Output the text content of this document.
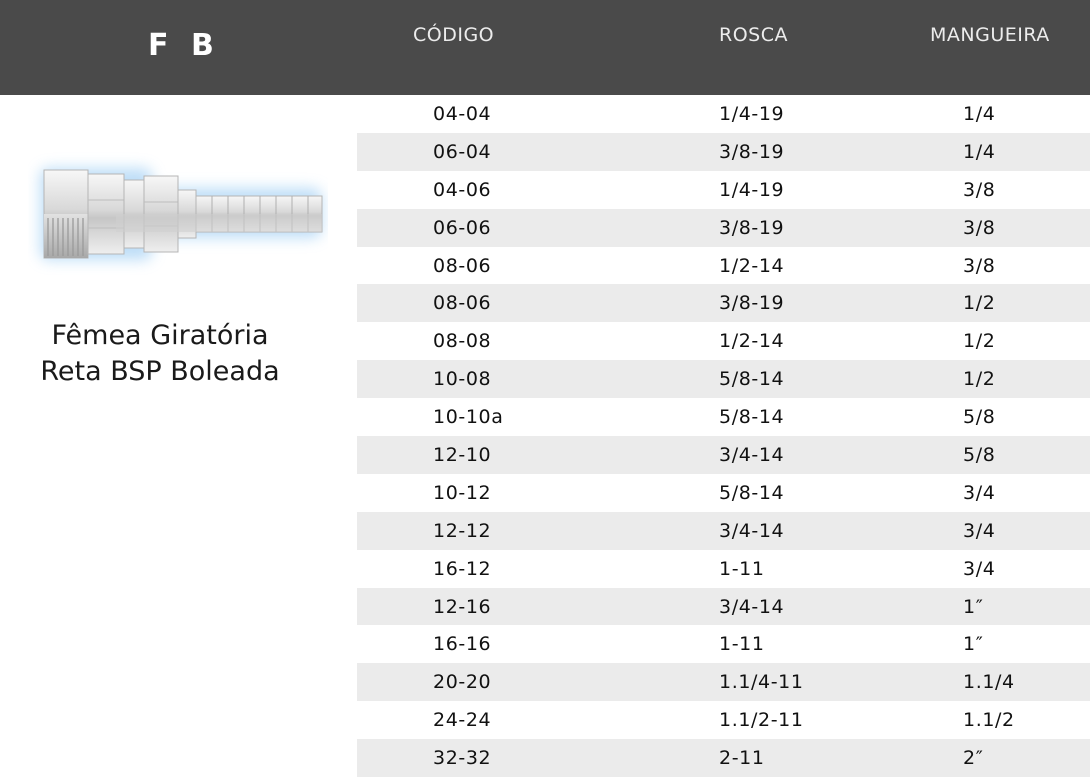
F B	CÓDIGO	ROSCA	MANGUEIRA
Fêmea Giratória
Reta BSP Boleada
04-04	1/4-19	1/4
06-04	3/8-19	1/4
04-06	1/4-19	3/8
06-06	3/8-19	3/8
08-06	1/2-14	3/8
08-06	3/8-19	1/2
08-08	1/2-14	1/2
10-08	5/8-14	1/2
10-10a	5/8-14	5/8
12-10	3/4-14	5/8
10-12	5/8-14	3/4
12-12	3/4-14	3/4
16-12	1-11	3/4
12-16	3/4-14	1″
16-16	1-11	1″
20-20	1.1/4-11	1.1/4
24-24	1.1/2-11	1.1/2
32-32	2-11	2″
